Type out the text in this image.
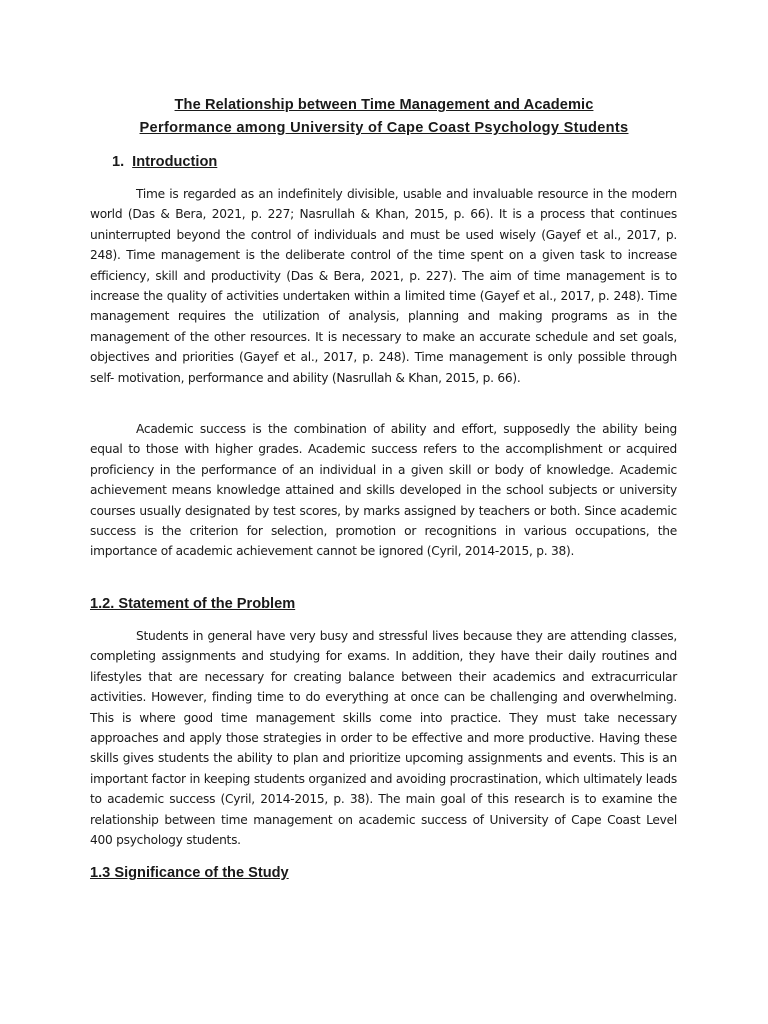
The Relationship between Time Management and Academic
Performance among University of Cape Coast Psychology Students
1. Introduction

Time is regarded as an indefinitely divisible, usable and invaluable resource in the modern world (Das & Bera, 2021, p. 227; Nasrullah & Khan, 2015, p. 66). It is a process that continues uninterrupted beyond the control of individuals and must be used wisely (Gayef et al., 2017, p. 248). Time management is the deliberate control of the time spent on a given task to increase efficiency, skill and productivity (Das & Bera, 2021, p. 227). The aim of time management is to increase the quality of activities undertaken within a limited time (Gayef et al., 2017, p. 248). Time management requires the utilization of analysis, planning and making programs as in the management of the other resources. It is necessary to make an accurate schedule and set goals, objectives and priorities (Gayef et al., 2017, p. 248). Time management is only possible through self- motivation, performance and ability (Nasrullah & Khan, 2015, p. 66).

Academic success is the combination of ability and effort, supposedly the ability being equal to those with higher grades. Academic success refers to the accomplishment or acquired proficiency in the performance of an individual in a given skill or body of knowledge. Academic achievement means knowledge attained and skills developed in the school subjects or university courses usually designated by test scores, by marks assigned by teachers or both. Since academic success is the criterion for selection, promotion or recognitions in various occupations, the importance of academic achievement cannot be ignored (Cyril, 2014-2015, p. 38).

1.2. Statement of the Problem

Students in general have very busy and stressful lives because they are attending classes, completing assignments and studying for exams. In addition, they have their daily routines and lifestyles that are necessary for creating balance between their academics and extracurricular activities. However, finding time to do everything at once can be challenging and overwhelming. This is where good time management skills come into practice. They must take necessary approaches and apply those strategies in order to be effective and more productive. Having these skills gives students the ability to plan and prioritize upcoming assignments and events. This is an important factor in keeping students organized and avoiding procrastination, which ultimately leads to academic success (Cyril, 2014-2015, p. 38). The main goal of this research is to examine the relationship between time management on academic success of University of Cape Coast Level 400 psychology students.

1.3 Significance of the Study
